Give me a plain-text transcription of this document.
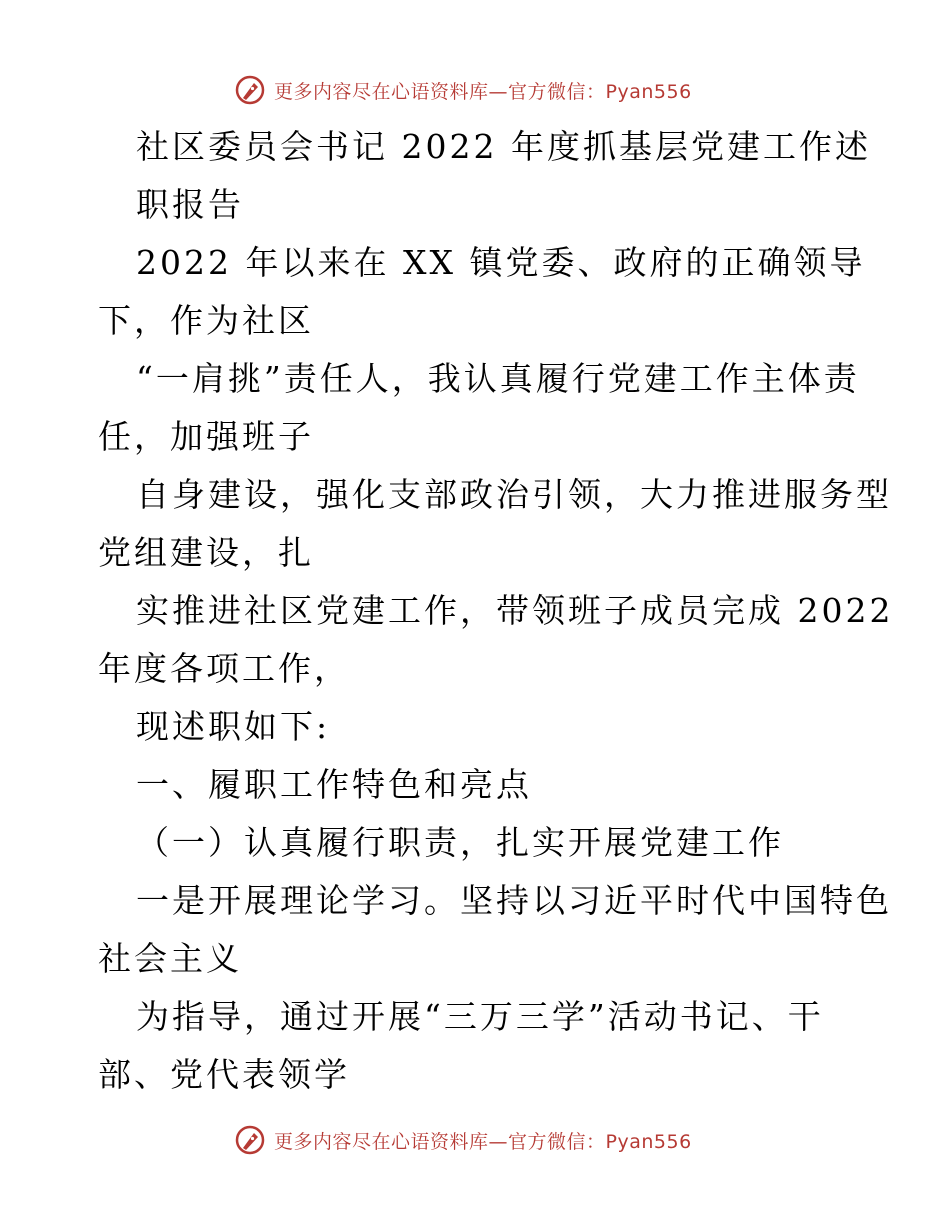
更多内容尽在心语资料库—官方微信：Pyan556
社区委员会书记 2022 年度抓基层党建工作述
职报告
2022 年以来在 XX 镇党委、政府的正确领导
下，作为社区
“一肩挑”责任人，我认真履行党建工作主体责
任，加强班子
自身建设，强化支部政治引领，大力推进服务型
党组建设，扎
实推进社区党建工作，带领班子成员完成 2022
年度各项工作，
现述职如下:
一、履职工作特色和亮点
（一）认真履行职责，扎实开展党建工作
一是开展理论学习。坚持以习近平时代中国特色
社会主义
为指导，通过开展“三万三学”活动书记、干
部、党代表领学
更多内容尽在心语资料库—官方微信：Pyan556
